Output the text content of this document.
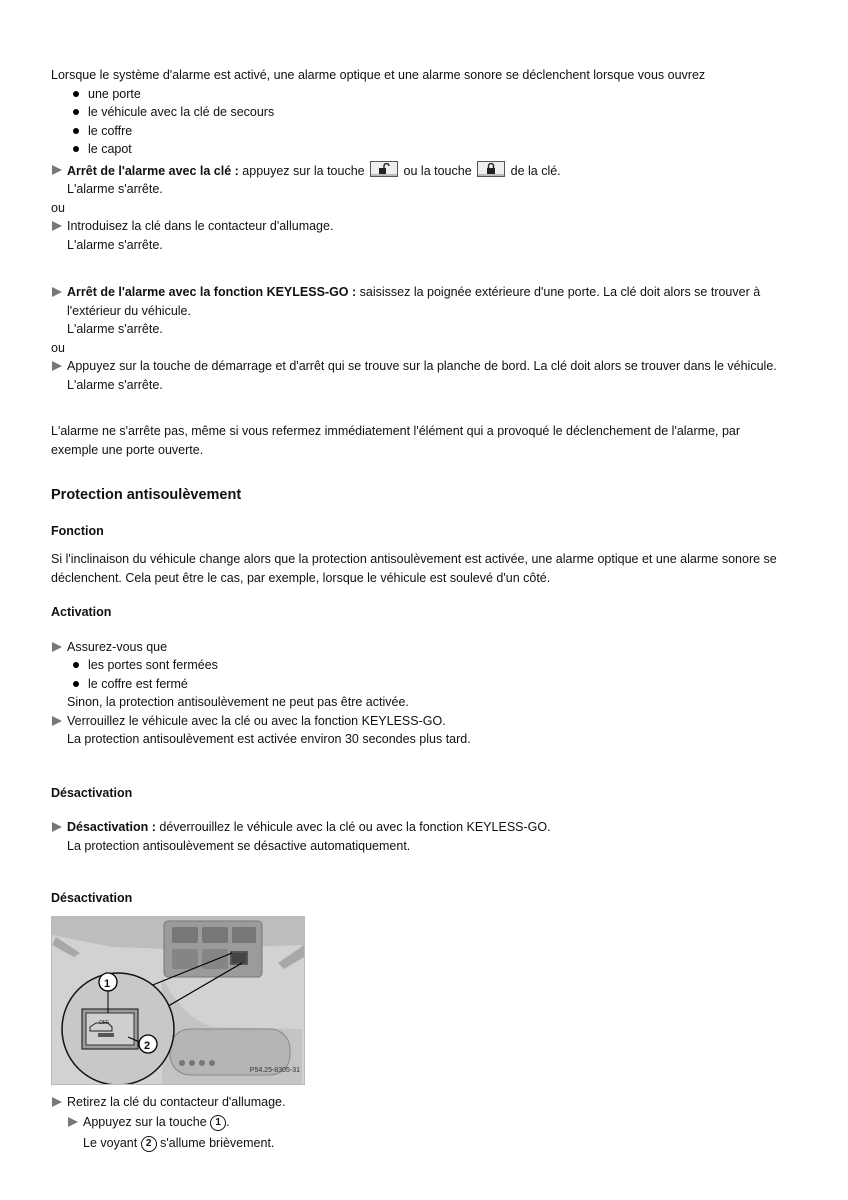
Lorsque le système d'alarme est activé, une alarme optique et une alarme sonore se déclenchent lorsque vous ouvrez

une porte
le véhicule avec la clé de secours
le coffre
le capot
Arrêt de l'alarme avec la clé : appuyez sur la touche	ou la touche	de la clé.

L'alarme s'arrête.

ou

Introduisez la clé dans le contacteur d'allumage.

L'alarme s'arrête.

Arrêt de l'alarme avec la fonction KEYLESS-GO : saisissez la poignée extérieure d'une porte. La clé doit alors se trouver à
l'extérieur du véhicule.

L'alarme s'arrête.

ou

Appuyez sur la touche de démarrage et d'arrêt qui se trouve sur la planche de bord. La clé doit alors se trouver dans le véhicule.

L'alarme s'arrête.

L'alarme ne s'arrête pas, même si vous refermez immédiatement l'élément qui a provoqué le déclenchement de l'alarme, par
exemple une porte ouverte.

Protection antisoulèvement
Fonction

Si l'inclinaison du véhicule change alors que la protection antisoulèvement est activée, une alarme optique et une alarme sonore se
déclenchent. Cela peut être le cas, par exemple, lorsque le véhicule est soulevé d'un côté.

Activation
Assurez-vous que
les portes sont fermées
le coffre est fermé

Sinon, la protection antisoulèvement ne peut pas être activée.

Verrouillez le véhicule avec la clé ou avec la fonction KEYLESS-GO.

La protection antisoulèvement est activée environ 30 secondes plus tard.

Désactivation
Désactivation : déverrouillez le véhicule avec la clé ou avec la fonction KEYLESS-GO.

La protection antisoulèvement se désactive automatiquement.

Désactivation
1
2
OFF
P54.25-8305-31
Retirez la clé du contacteur d'allumage.
Appuyez sur la touche 1 .

Le voyant 2 s'allume brièvement.
